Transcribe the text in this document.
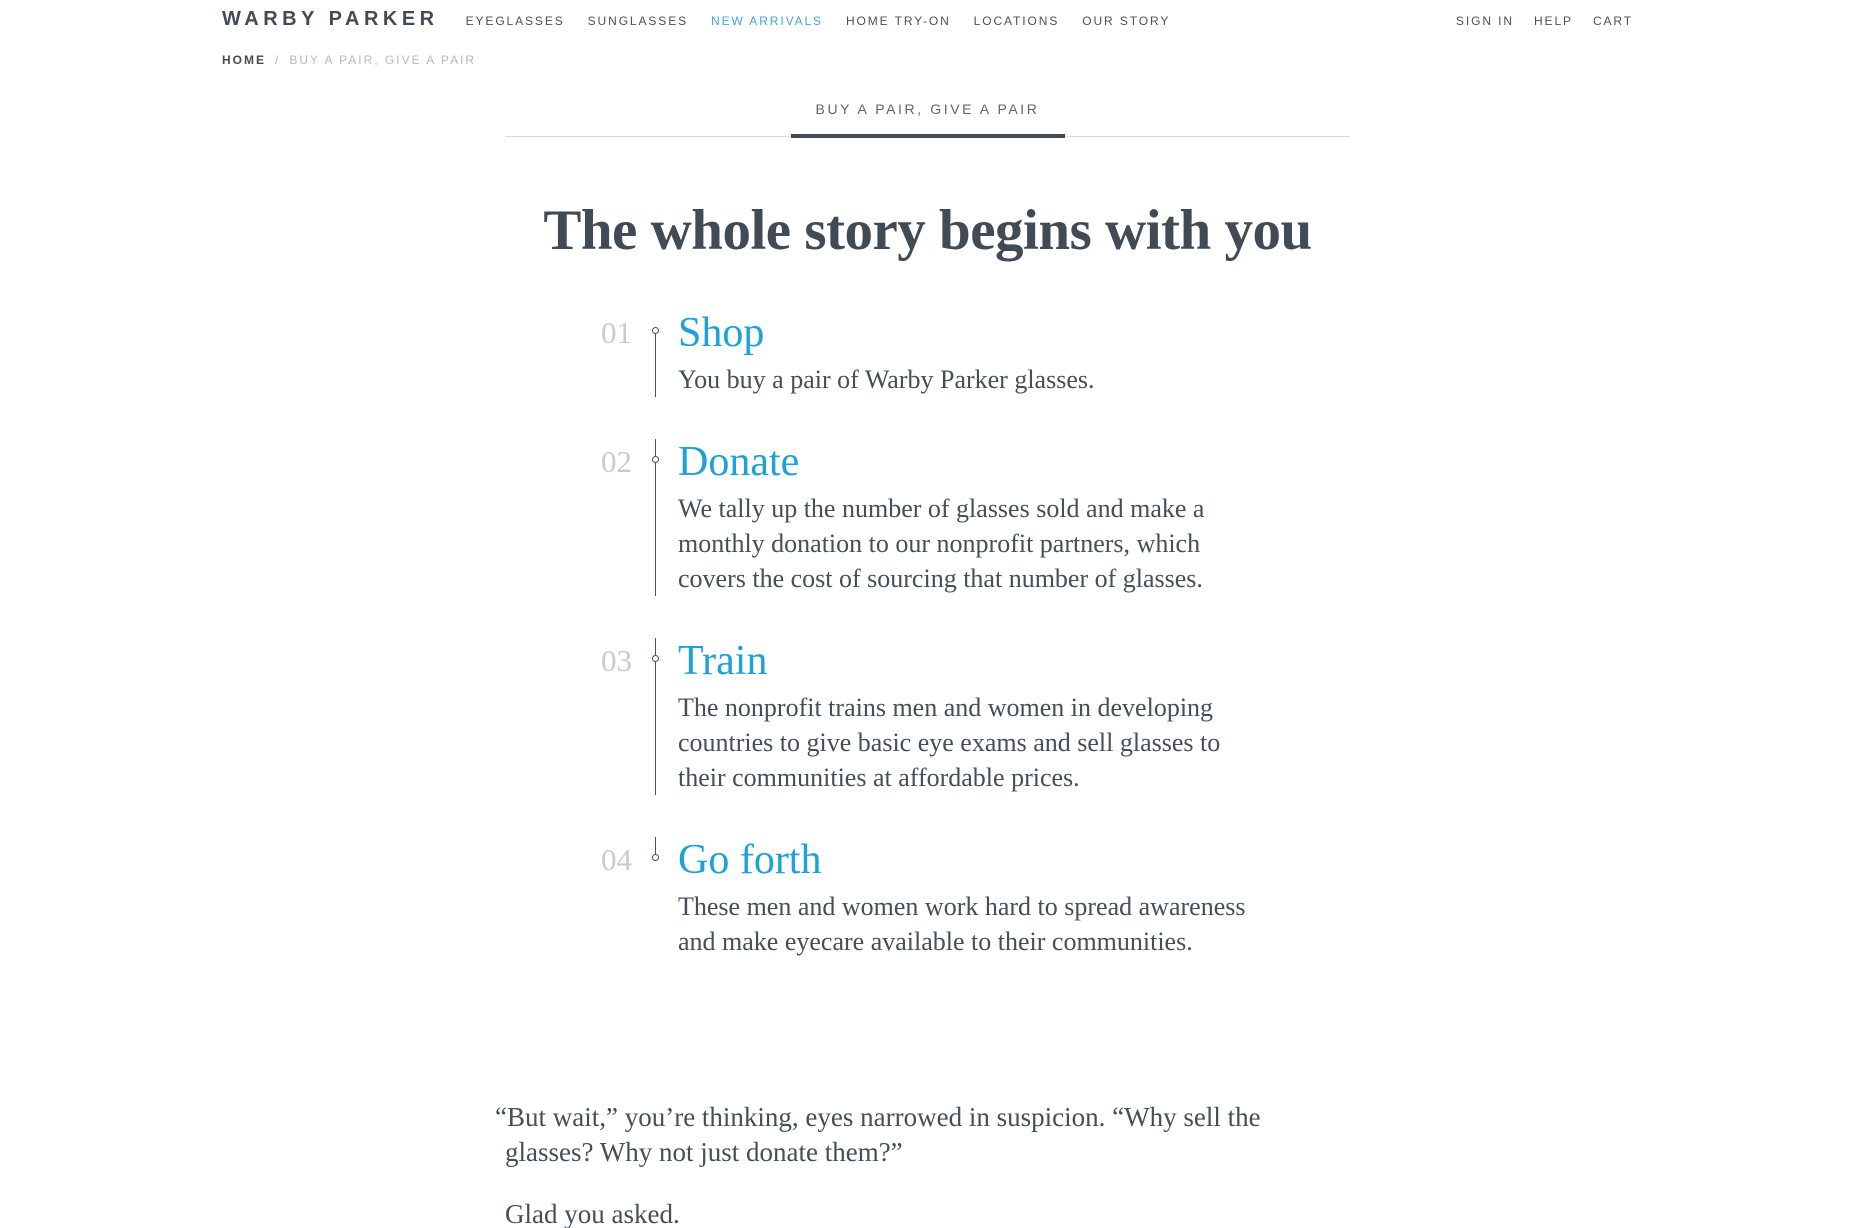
WARBY PARKER EYEGLASSES SUNGLASSES NEW ARRIVALS HOME TRY-ON LOCATIONS OUR STORY	SIGN IN HELP CART
HOME / BUY A PAIR, GIVE A PAIR
BUY A PAIR, GIVE A PAIR
The whole story begins with you
01 Shop
You buy a pair of Warby Parker glasses.
02 Donate
We tally up the number of glasses sold and make a monthly donation to our nonprofit partners, which covers the cost of sourcing that number of glasses.
03 Train
The nonprofit trains men and women in developing countries to give basic eye exams and sell glasses to their communities at affordable prices.
04 Go forth
These men and women work hard to spread awareness and make eyecare available to their communities.

“But wait,” you’re thinking, eyes narrowed in suspicion. “Why sell the glasses? Why not just donate them?”

Glad you asked.
